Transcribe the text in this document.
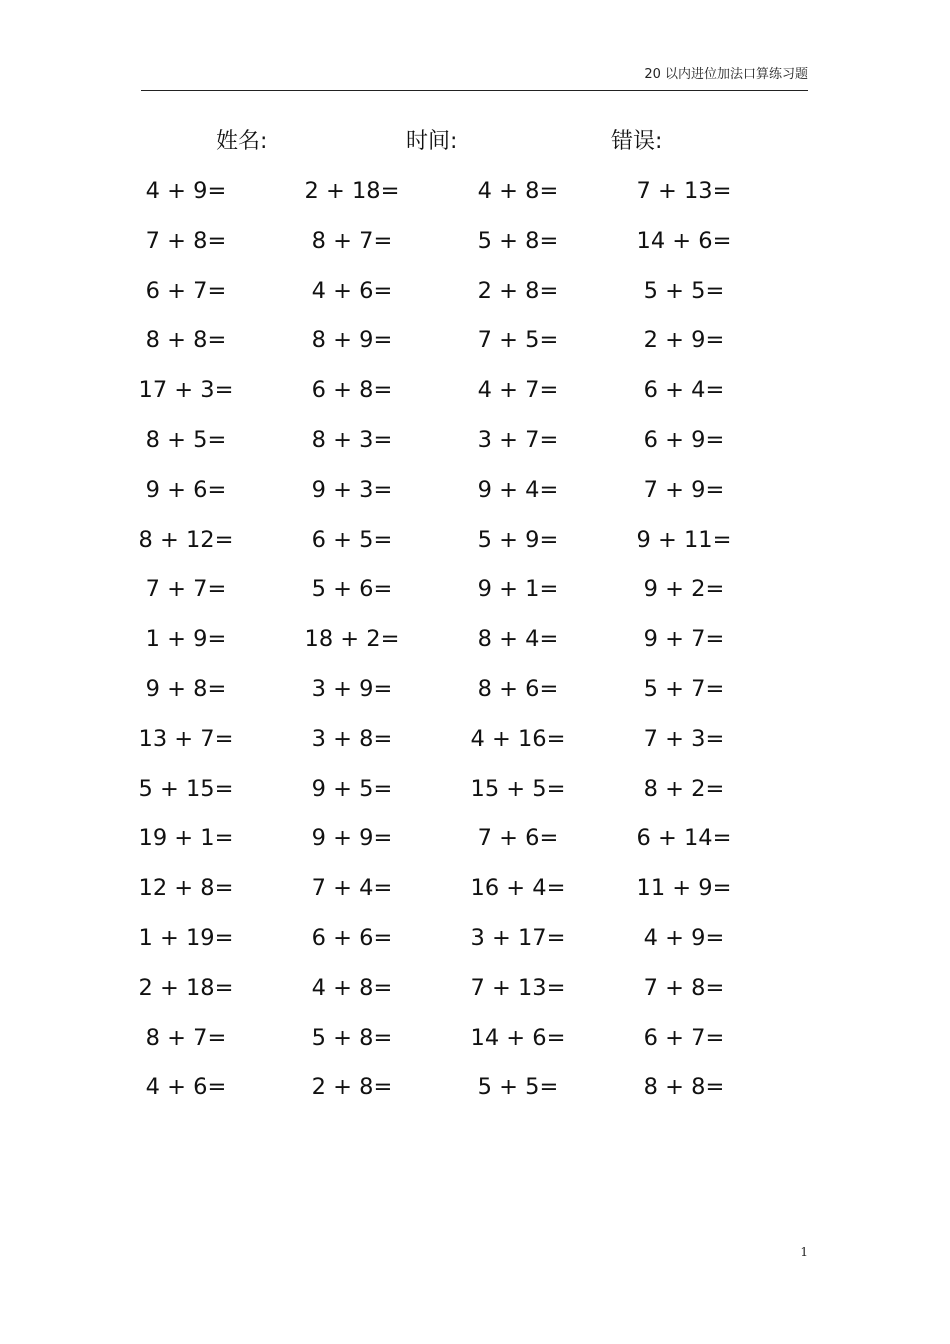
20 以内进位加法口算练习题
姓名:	时间:	错误:
4 + 9=	2 + 18=	4 + 8=	7 + 13=
7 + 8=	8 + 7=	5 + 8=	14 + 6=
6 + 7=	4 + 6=	2 + 8=	5 + 5=
8 + 8=	8 + 9=	7 + 5=	2 + 9=
17 + 3=	6 + 8=	4 + 7=	6 + 4=
8 + 5=	8 + 3=	3 + 7=	6 + 9=
9 + 6=	9 + 3=	9 + 4=	7 + 9=
8 + 12=	6 + 5=	5 + 9=	9 + 11=
7 + 7=	5 + 6=	9 + 1=	9 + 2=
1 + 9=	18 + 2=	8 + 4=	9 + 7=
9 + 8=	3 + 9=	8 + 6=	5 + 7=
13 + 7=	3 + 8=	4 + 16=	7 + 3=
5 + 15=	9 + 5=	15 + 5=	8 + 2=
19 + 1=	9 + 9=	7 + 6=	6 + 14=
12 + 8=	7 + 4=	16 + 4=	11 + 9=
1 + 19=	6 + 6=	3 + 17=	4 + 9=
2 + 18=	4 + 8=	7 + 13=	7 + 8=
8 + 7=	5 + 8=	14 + 6=	6 + 7=
4 + 6=	2 + 8=	5 + 5=	8 + 8=
1
